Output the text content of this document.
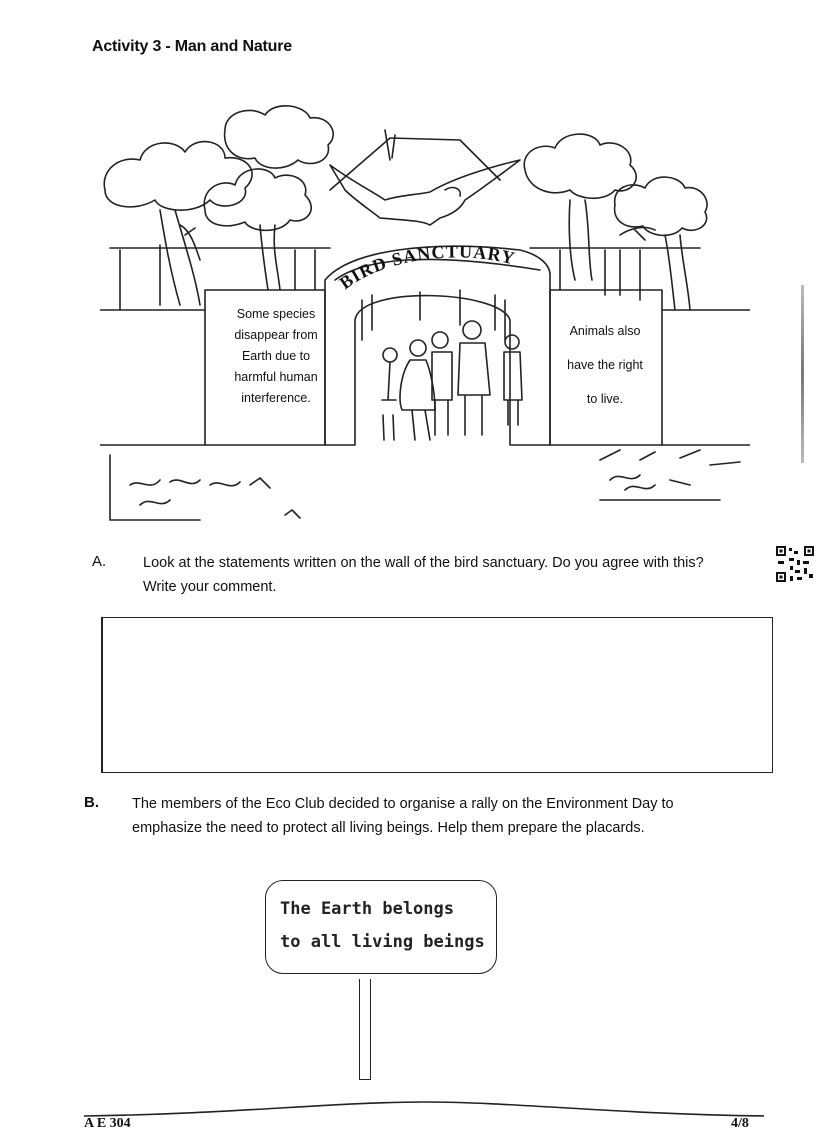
Activity 3 - Man and Nature
Some species
disappear from
Earth due to
harmful human
interference.
Animals also
have the right
to live.
BIRD SANCTUARY
A.	Look at the statements written on the wall of the bird sanctuary. Do you agree with this? Write your comment.
B. The members of the Eco Club decided to organise a rally on the Environment Day to emphasize the need to protect all living beings. Help them prepare the placards.
The Earth belongs
to all living beings
A E 304	4/8
